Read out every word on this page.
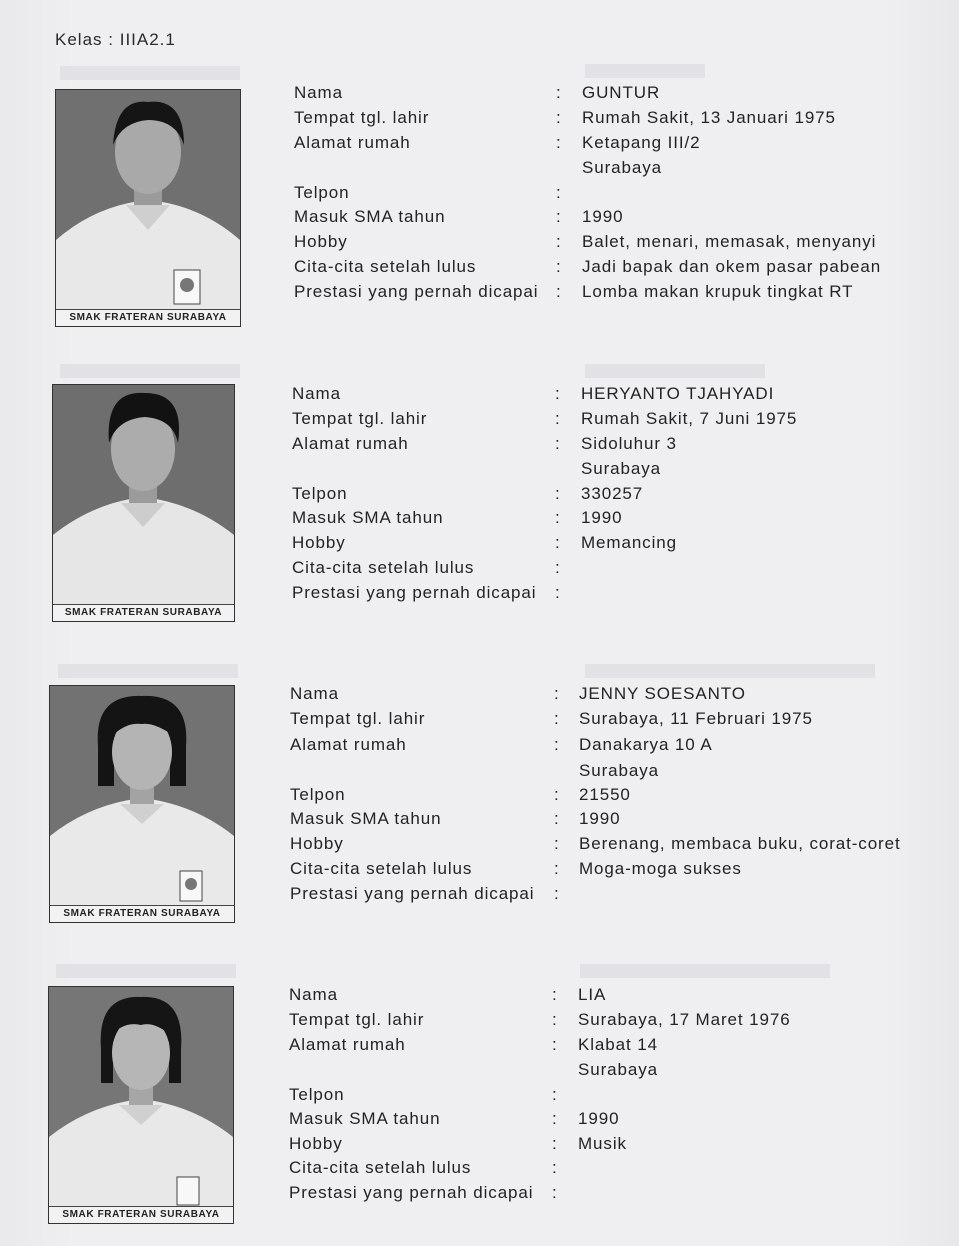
Kelas : IIIA2.1
SMAK FRATERAN SURABAYA
Nama	: GUNTUR
Tempat tgl. lahir	: Rumah Sakit, 13 Januari 1975
Alamat rumah	: Ketapang III/2
Surabaya
Telpon	:
Masuk SMA tahun	: 1990
Hobby	: Balet, menari, memasak, menyanyi
Cita-cita setelah lulus	: Jadi bapak dan okem pasar pabean
Prestasi yang pernah dicapai : Lomba makan krupuk tingkat RT
SMAK FRATERAN SURABAYA
Nama	: HERYANTO TJAHYADI
Tempat tgl. lahir	: Rumah Sakit, 7 Juni 1975
Alamat rumah	: Sidoluhur 3
Surabaya
Telpon	: 330257
Masuk SMA tahun	: 1990
Hobby	: Memancing
Cita-cita setelah lulus	:
Prestasi yang pernah dicapai :
SMAK FRATERAN SURABAYA
Nama	: JENNY SOESANTO
Tempat tgl. lahir	: Surabaya, 11 Februari 1975
Alamat rumah	: Danakarya 10 A
Surabaya
Telpon	: 21550
Masuk SMA tahun	: 1990
Hobby	: Berenang, membaca buku, corat-coret
Cita-cita setelah lulus	: Moga-moga sukses
Prestasi yang pernah dicapai :
SMAK FRATERAN SURABAYA
Nama	: LIA
Tempat tgl. lahir	: Surabaya, 17 Maret 1976
Alamat rumah	: Klabat 14
Surabaya
Telpon	:
Masuk SMA tahun	: 1990
Hobby	: Musik
Cita-cita setelah lulus	:
Prestasi yang pernah dicapai :
